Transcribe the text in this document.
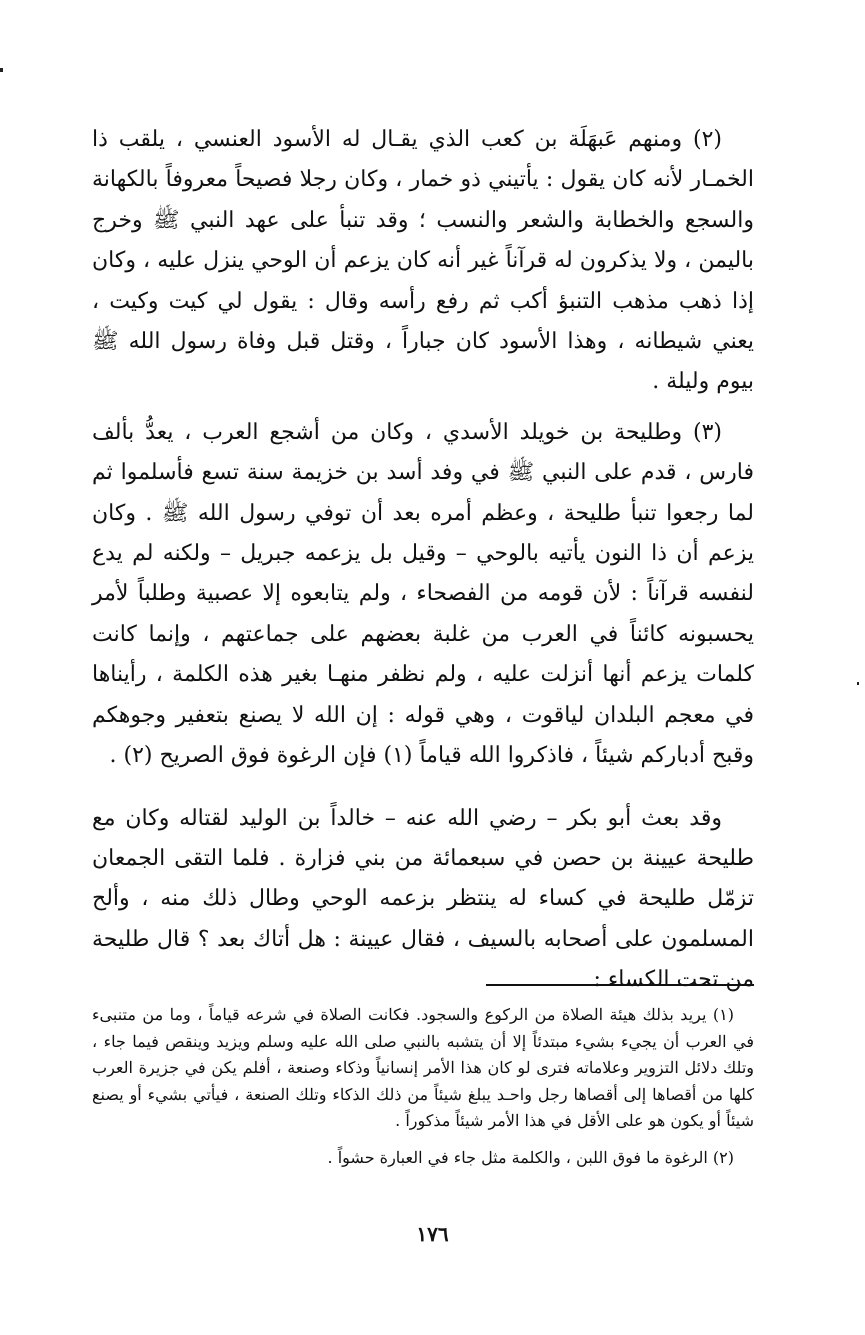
(٢) ومنهم عَبهَلَة بن كعب الذي يقـال له الأسود العنسي ، يلقب ذا الخمـار لأنه كان يقول : يأتيني ذو خمار ، وكان رجلا فصيحاً معروفاً بالكهانة والسجع والخطابة والشعر والنسب ؛ وقد تنبأ على عهد النبي ﷺ وخرج باليمن ، ولا يذكرون له قرآناً غير أنه كان يزعم أن الوحي ينزل عليه ، وكان إذا ذهب مذهب التنبؤ أكب ثم رفع رأسه وقال : يقول لي كيت وكيت ، يعني شيطانه ، وهذا الأسود كان جباراً ، وقتل قبل وفاة رسول الله ﷺ بيوم وليلة .

(٣) وطليحة بن خويلد الأسدي ، وكان من أشجع العرب ، يعدُّ بألف فارس ، قدم على النبي ﷺ في وفد أسد بن خزيمة سنة تسع فأسلموا ثم لما رجعوا تنبأ طليحة ، وعظم أمره بعد أن توفي رسول الله ﷺ . وكان يزعم أن ذا النون يأتيه بالوحي – وقيل بل يزعمه جبريل – ولكنه لم يدع لنفسه قرآناً : لأن قومه من الفصحاء ، ولم يتابعوه إلا عصبية وطلباً لأمر يحسبونه كائناً في العرب من غلبة بعضهم على جماعتهم ، وإنما كانت كلمات يزعم أنها أنزلت عليه ، ولم نظفر منهـا بغير هذه الكلمة ، رأيناها في معجم البلدان لياقوت ، وهي قوله : إن الله لا يصنع بتعفير وجوهكم وقبح أدباركم شيئاً ، فاذكروا الله قياماً (١) فإن الرغوة فوق الصريح (٢) .

وقد بعث أبو بكر – رضي الله عنه – خالداً بن الوليد لقتاله وكان مع طليحة عيينة بن حصن في سبعمائة من بني فزارة . فلما التقى الجمعان تزمّل طليحة في كساء له ينتظر بزعمه الوحي وطال ذلك منه ، وألح المسلمون على أصحابه بالسيف ، فقال عيينة : هل أتاك بعد ؟ قال طليحة من تحت الكساء :

(١) يريد بذلك هيئة الصلاة من الركوع والسجود. فكانت الصلاة في شرعه قياماً ، وما من متنبىء في العرب أن يجيء بشيء مبتدئاً إلا أن يتشبه بالنبي صلى الله عليه وسلم ويزيد وينقص فيما جاء ، وتلك دلائل التزوير وعلاماته فترى لو كان هذا الأمر إنسانياً وذكاء وصنعة ، أفلم يكن في جزيرة العرب كلها من أقصاها إلى أقصاها رجل واحـد يبلغ شيئاً من ذلك الذكاء وتلك الصنعة ، فيأتي بشيء أو يصنع شيئاً أو يكون هو على الأقل في هذا الأمر شيئاً مذكوراً .

(٢) الرغوة ما فوق اللبن ، والكلمة مثل جاء في العبارة حشواً .

١٧٦
